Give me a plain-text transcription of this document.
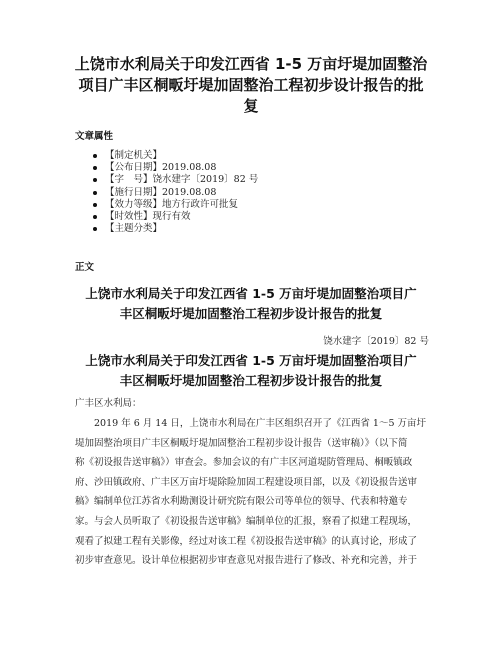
上饶市水利局关于印发江西省 1-5 万亩圩堤加固整治
项目广丰区桐畈圩堤加固整治工程初步设计报告的批
复

文章属性

【制定机关】
【公布日期】2019.08.08
【字　号】饶水建字〔2019〕82 号
【施行日期】2019.08.08
【效力等级】地方行政许可批复
【时效性】现行有效
【主题分类】

正文

上饶市水利局关于印发江西省 1-5 万亩圩堤加固整治项目广
丰区桐畈圩堤加固整治工程初步设计报告的批复

饶水建字〔2019〕82 号

上饶市水利局关于印发江西省 1-5 万亩圩堤加固整治项目广
丰区桐畈圩堤加固整治工程初步设计报告的批复

广丰区水利局：

　　2019 年 6 月 14 日，上饶市水利局在广丰区组织召开了《江西省 1～5 万亩圩
堤加固整治项目广丰区桐畈圩堤加固整治工程初步设计报告（送审稿）》（以下简
称《初设报告送审稿》）审查会。参加会议的有广丰区河道堤防管理局、桐畈镇政
府、沙田镇政府、广丰区万亩圩堤除险加固工程建设项目部，以及《初设报告送审
稿》编制单位江苏省水利勘测设计研究院有限公司等单位的领导、代表和特邀专
家。与会人员听取了《初设报告送审稿》编制单位的汇报，察看了拟建工程现场，
观看了拟建工程有关影像，经过对该工程《初设报告送审稿》的认真讨论，形成了
初步审查意见。设计单位根据初步审查意见对报告进行了修改、补充和完善，并于
